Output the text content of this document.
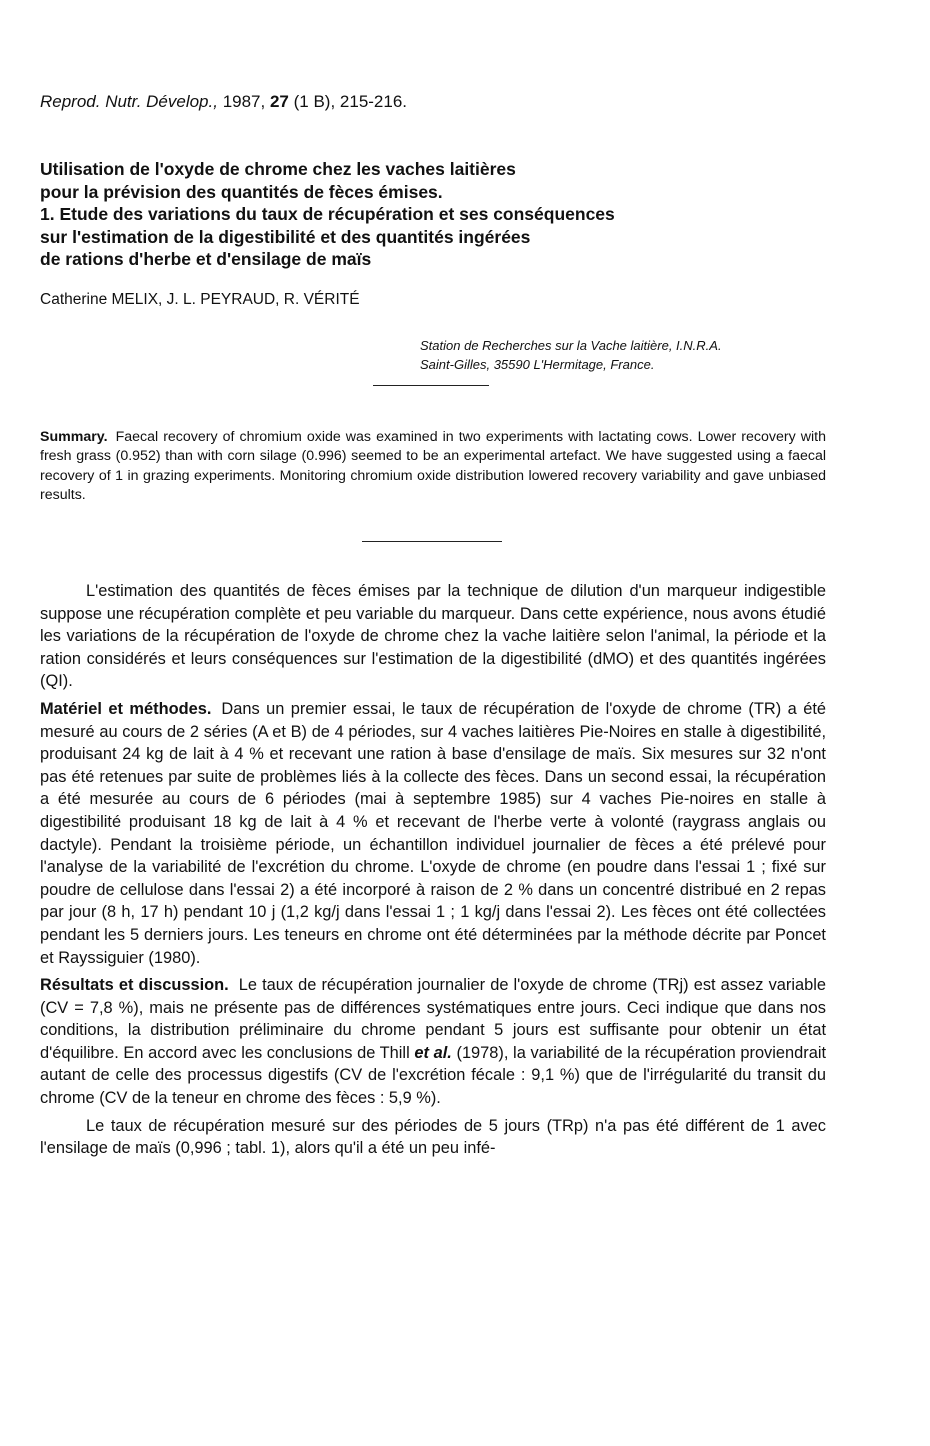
Reprod. Nutr. Dévelop., 1987, 27 (1 B), 215-216.
Utilisation de l'oxyde de chrome chez les vaches laitières
pour la prévision des quantités de fèces émises.
1. Etude des variations du taux de récupération et ses conséquences
sur l'estimation de la digestibilité et des quantités ingérées
de rations d'herbe et d'ensilage de maïs
Catherine MELIX, J. L. PEYRAUD, R. VÉRITÉ
Station de Recherches sur la Vache laitière, I.N.R.A.
Saint-Gilles, 35590 L'Hermitage, France.
Summary. Faecal recovery of chromium oxide was examined in two experiments with lactating cows. Lower recovery with fresh grass (0.952) than with corn silage (0.996) seemed to be an experimental artefact. We have suggested using a faecal recovery of 1 in grazing experiments. Monitoring chromium oxide distribution lowered recovery variability and gave unbiased results.

L'estimation des quantités de fèces émises par la technique de dilution d'un marqueur indigestible suppose une récupération complète et peu variable du marqueur. Dans cette expérience, nous avons étudié les variations de la récupération de l'oxyde de chrome chez la vache laitière selon l'animal, la période et la ration considérés et leurs conséquences sur l'estimation de la digestibilité (dMO) et des quantités ingérées (QI).

Matériel et méthodes. Dans un premier essai, le taux de récupération de l'oxyde de chrome (TR) a été mesuré au cours de 2 séries (A et B) de 4 périodes, sur 4 vaches laitières Pie-Noires en stalle à digestibilité, produisant 24 kg de lait à 4 % et recevant une ration à base d'ensilage de maïs. Six mesures sur 32 n'ont pas été retenues par suite de problèmes liés à la collecte des fèces. Dans un second essai, la récupération a été mesurée au cours de 6 périodes (mai à septembre 1985) sur 4 vaches Pie-noires en stalle à digestibilité produisant 18 kg de lait à 4 % et recevant de l'herbe verte à volonté (raygrass anglais ou dactyle). Pendant la troisième période, un échantillon individuel journalier de fèces a été prélevé pour l'analyse de la variabilité de l'excrétion du chrome. L'oxyde de chrome (en poudre dans l'essai 1 ; fixé sur poudre de cellulose dans l'essai 2) a été incorporé à raison de 2 % dans un concentré distribué en 2 repas par jour (8 h, 17 h) pendant 10 j (1,2 kg/j dans l'essai 1 ; 1 kg/j dans l'essai 2). Les fèces ont été collectées pendant les 5 derniers jours. Les teneurs en chrome ont été déterminées par la méthode décrite par Poncet et Rayssiguier (1980).

Résultats et discussion. Le taux de récupération journalier de l'oxyde de chrome (TRj) est assez variable (CV = 7,8 %), mais ne présente pas de différences systématiques entre jours. Ceci indique que dans nos conditions, la distribution préliminaire du chrome pendant 5 jours est suffisante pour obtenir un état d'équilibre. En accord avec les conclusions de Thill et al. (1978), la variabilité de la récupération proviendrait autant de celle des processus digestifs (CV de l'excrétion fécale : 9,1 %) que de l'irrégularité du transit du chrome (CV de la teneur en chrome des fèces : 5,9 %).

Le taux de récupération mesuré sur des périodes de 5 jours (TRp) n'a pas été différent de 1 avec l'ensilage de maïs (0,996 ; tabl. 1), alors qu'il a été un peu infé-
